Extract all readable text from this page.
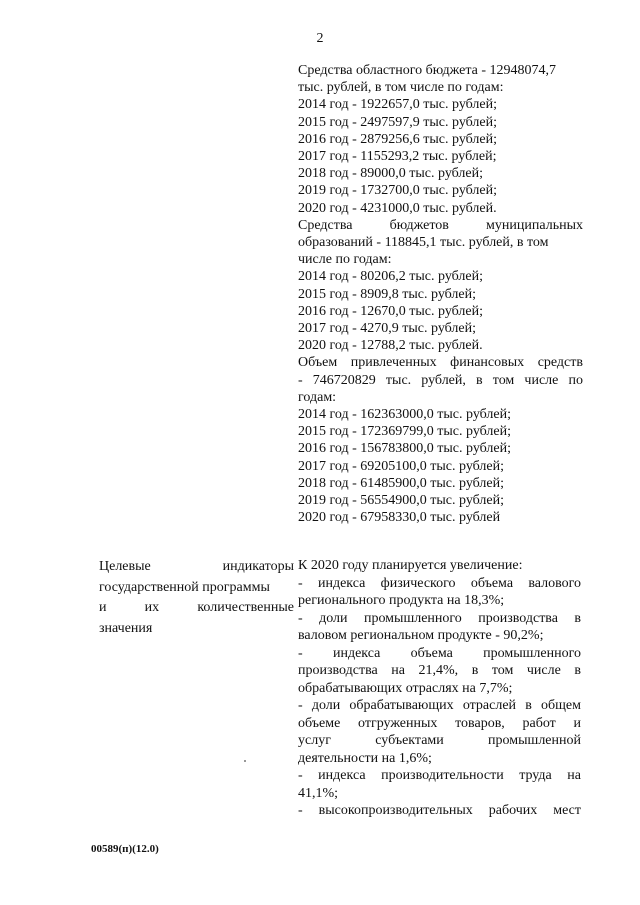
2
Средства областного бюджета - 12948074,7
тыс. рублей, в том числе по годам:
2014 год - 1922657,0 тыс. рублей;
2015 год - 2497597,9 тыс. рублей;
2016 год - 2879256,6 тыс. рублей;
2017 год - 1155293,2 тыс. рублей;
2018 год - 89000,0 тыс. рублей;
2019 год - 1732700,0 тыс. рублей;
2020 год - 4231000,0 тыс. рублей.
Средства бюджетов муниципальных
образований - 118845,1 тыс. рублей, в том
числе по годам:
2014 год - 80206,2 тыс. рублей;
2015 год - 8909,8 тыс. рублей;
2016 год - 12670,0 тыс. рублей;
2017 год - 4270,9 тыс. рублей;
2020 год - 12788,2 тыс. рублей.
Объем привлеченных финансовых средств
- 746720829 тыс. рублей, в том числе по
годам:
2014 год - 162363000,0 тыс. рублей;
2015 год - 172369799,0 тыс. рублей;
2016 год - 156783800,0 тыс. рублей;
2017 год - 69205100,0 тыс. рублей;
2018 год - 61485900,0 тыс. рублей;
2019 год - 56554900,0 тыс. рублей;
2020 год - 67958330,0 тыс. рублей
Целевые индикаторы
государственной программы
и их количественные
значения
К 2020 году планируется увеличение:
- индекса физического объема валового
регионального продукта на 18,3%;
- доли промышленного производства в
валовом региональном продукте - 90,2%;
- индекса объема промышленного
производства на 21,4%, в том числе в
обрабатывающих отраслях на 7,7%;
- доли обрабатывающих отраслей в общем
объеме отгруженных товаров, работ и
услуг субъектами промышленной
деятельности на 1,6%;
- индекса производительности труда на
41,1%;
- высокопроизводительных рабочих мест
00589(п)(12.0)
